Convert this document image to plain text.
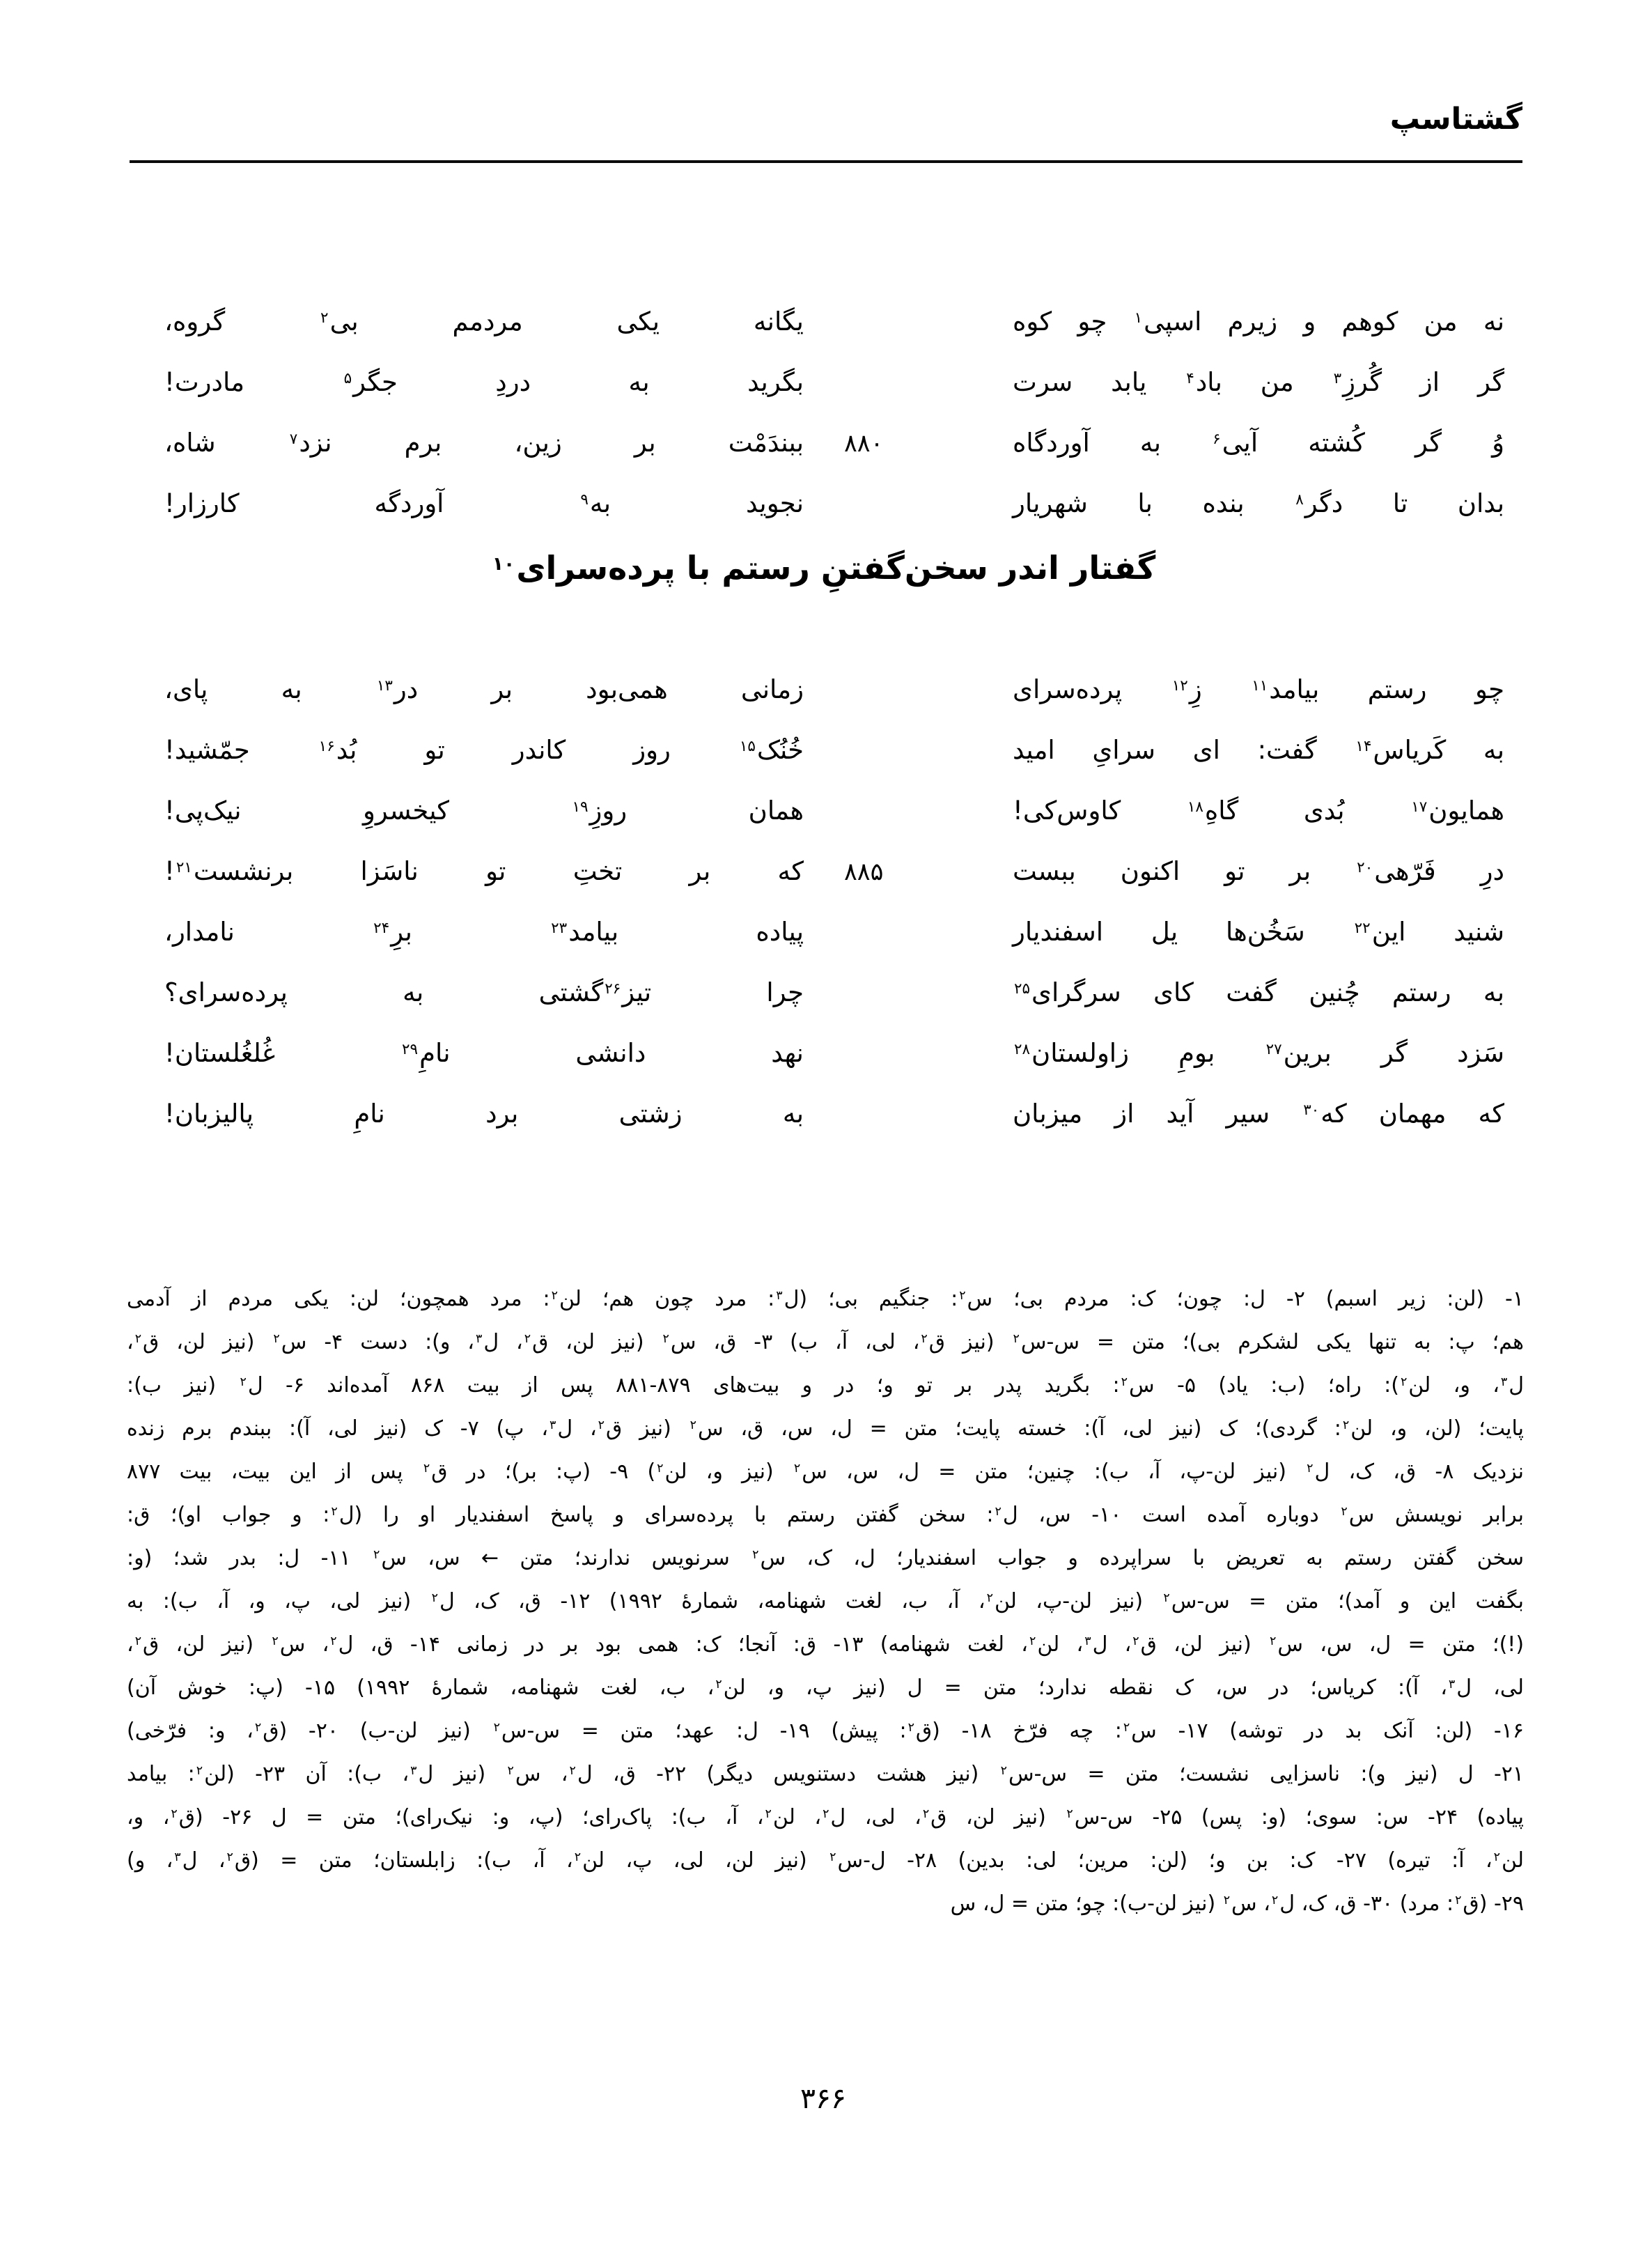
گشتاسپ
نه من کوهم و زیرم اسپی$^۱$ چو کوه
یگانه یکی مردمم بی$^۲$ گروه،
گر از گُرزِ$^۳$ من باد$^۴$ یابد سرت
بگرید به دردِ جگر$^۵$ مادرت!
وُ گر کُشته آیی$^۶$ به آوردگاه
۸۸۰
ببندَمْت بر زین، برم نزد$^۷$ شاه،
بدان تا دگر$^۸$ بنده با شهریار
نجوید به$^۹$ آوردگه کارزار!
گفتار اندر سخن‌گفتنِ رستم با پرده‌سرای$^{۱۰}$
چو رستم بیامد$^{۱۱}$ زِ$^{۱۲}$ پرده‌سرای
زمانی همی‌بود بر در$^{۱۳}$ به پای،
به کَریاس$^{۱۴}$ گفت: ای سرایِ امید
خُنُک$^{۱۵}$ روز کاندر تو بُد$^{۱۶}$ جمّشید!
همایون$^{۱۷}$ بُدی گاهِ$^{۱۸}$ کاوس‌کی!
همان روزِ$^{۱۹}$ کیخسروِ نیک‌پی!
درِ فَرّهی$^{۲۰}$ بر تو اکنون ببست
۸۸۵
که بر تختِ تو ناسَزا برنشست$^{۲۱}$!
شنید این$^{۲۲}$ سَخُن‌ها یل اسفندیار
پیاده بیامد$^{۲۳}$ برِ$^{۲۴}$ نامدار،
به رستم چُنین گفت کای سرگرای$^{۲۵}$
چرا تیز$^{۲۶}$گشتی به پرده‌سرای؟
سَزد گر برین$^{۲۷}$ بومِ زاولستان$^{۲۸}$
نهد دانشی نامِ$^{۲۹}$ غُلغُلستان!
که مهمان که$^{۳۰}$ سیر آید از میزبان
به زشتی برد نامِ پالیزبان!
۱- (لن: زیر اسبم) ۲- ل: چون؛ ک: مردم بی؛ س$^۲$: جنگیم بی؛ (ل$^۳$: مرد چون هم؛ لن$^۲$: مرد همچون؛ لن: یکی مردم از آدمی
هم؛ پ: به تنها یکی لشکرم بی)؛ متن = س-س$^۲$ (نیز ق$^۲$، لی، آ، ب) ۳- ق، س$^۲$ (نیز لن، ق$^۲$، ل$^۳$، و): دست ۴- س$^۲$ (نیز لن، ق$^۲$،
ل$^۳$، و، لن$^۲$): راه؛ (ب: یاد) ۵- س$^۲$: بگرید پدر بر تو و؛ در و بیت‌های ۸۷۹-۸۸۱ پس از بیت ۸۶۸ آمده‌اند ۶- ل$^۲$ (نیز ب):
پایت؛ (لن، و، لن$^۲$: گردی)؛ ک (نیز لی، آ): خسته پایت؛ متن = ل، س، ق، س$^۲$ (نیز ق$^۲$، ل$^۳$، پ) ۷- ک (نیز لی، آ): ببندم برم زنده
نزدیک ۸- ق، ک، ل$^۲$ (نیز لن-پ، آ، ب): چنین؛ متن = ل، س، س$^۲$ (نیز و، لن$^۲$) ۹- (پ: بر)؛ در ق$^۲$ پس از این بیت، بیت ۸۷۷
برابر نویسش س$^۲$ دوباره آمده است ۱۰- س، ل$^۲$: سخن گفتن رستم با پرده‌سرای و پاسخ اسفندیار او را (ل$^۲$: و جواب او)؛ ق:
سخن گفتن رستم به تعریض با سراپرده و جواب اسفندیار؛ ل، ک، س$^۲$ سرنویس ندارند؛ متن ← س، س$^۲$ ۱۱- ل: بدر شد؛ (و:
بگفت این و آمد)؛ متن = س-س$^۲$ (نیز لن-پ، لن$^۲$، آ، ب، لغت شهنامه، شمارهٔ ۱۹۹۲) ۱۲- ق، ک، ل$^۲$ (نیز لی، پ، و، آ، ب): به
(!)؛ متن = ل، س، س$^۲$ (نیز لن، ق$^۲$، ل$^۳$، لن$^۲$، لغت شهنامه) ۱۳- ق: آنجا؛ ک: همی بود بر در زمانی ۱۴- ق، ل$^۲$، س$^۲$ (نیز لن، ق$^۲$،
لی، ل$^۳$، آ): کریاس؛ در س، ک نقطه ندارد؛ متن = ل (نیز پ، و، لن$^۲$، ب، لغت شهنامه، شمارهٔ ۱۹۹۲) ۱۵- (پ: خوش آن)
۱۶- (لن: آنک بد در توشه) ۱۷- س$^۲$: چه فرّخ ۱۸- (ق$^۲$: پیش) ۱۹- ل: عهد؛ متن = س-س$^۲$ (نیز لن-ب) ۲۰- (ق$^۲$، و: فرّخی)
۲۱- ل (نیز و): ناسزایی نشست؛ متن = س-س$^۲$ (نیز هشت دستنویس دیگر) ۲۲- ق، ل$^۲$، س$^۲$ (نیز ل$^۳$، ب): آن ۲۳- (لن$^۲$: بیامد
پیاده) ۲۴- س: سوی؛ (و: پس) ۲۵- س-س$^۲$ (نیز لن، ق$^۲$، لی، ل$^۲$، لن$^۲$، آ، ب): پاک‌رای؛ (پ، و: نیک‌رای)؛ متن = ل ۲۶- (ق$^۲$، و،
لن$^۲$، آ: تیره) ۲۷- ک: بن و؛ (لن: مرین؛ لی: بدین) ۲۸- ل-س$^۲$ (نیز لن، لی، پ، لن$^۲$، آ، ب): زابلستان؛ متن = (ق$^۲$، ل$^۳$، و)
۲۹- (ق$^۲$: مرد) ۳۰- ق، ک، ل$^۲$، س$^۲$ (نیز لن-ب): چو؛ متن = ل، س
۳۶۶
